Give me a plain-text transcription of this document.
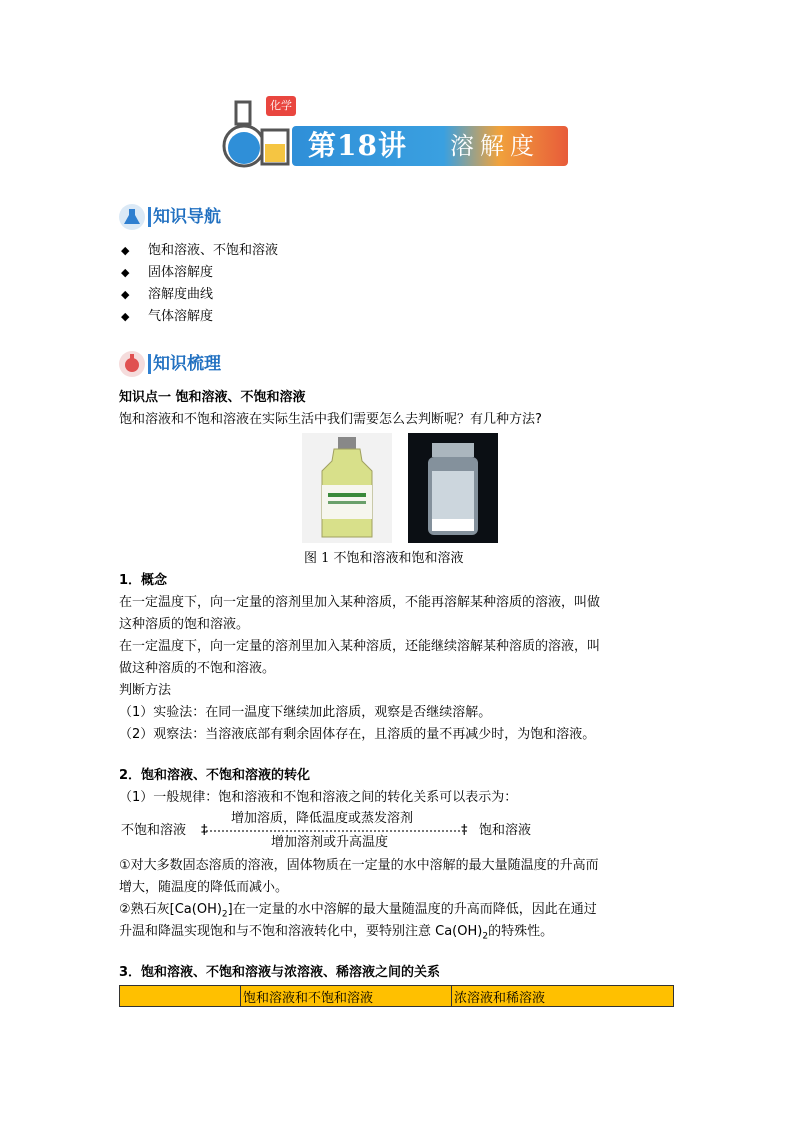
化学
第18讲 溶解度
知识导航
◆ 饱和溶液、不饱和溶液
◆ 固体溶解度
◆ 溶解度曲线
◆ 气体溶解度
知识梳理
知识点一 饱和溶液、不饱和溶液
饱和溶液和不饱和溶液在实际生活中我们需要怎么去判断呢？有几种方法?
图 1 不饱和溶液和饱和溶液
1．概念
在一定温度下，向一定量的溶剂里加入某种溶质，不能再溶解某种溶质的溶液，叫做
这种溶质的饱和溶液。
在一定温度下，向一定量的溶剂里加入某种溶质，还能继续溶解某种溶质的溶液，叫
做这种溶质的不饱和溶液。
判断方法
（1）实验法：在同一温度下继续加此溶质，观察是否继续溶解。
（2）观察法：当溶液底部有剩余固体存在，且溶质的量不再减少时，为饱和溶液。
2．饱和溶液、不饱和溶液的转化
（1）一般规律：饱和溶液和不饱和溶液之间的转化关系可以表示为：
增加溶质，降低温度或蒸发溶剂
不饱和溶液 ‡	† 饱和溶液
增加溶剂或升高温度
①对大多数固态溶质的溶液，固体物质在一定量的水中溶解的最大量随温度的升高而
增大，随温度的降低而减小。
②熟石灰$[Ca(OH)_2]$在一定量的水中溶解的最大量随温度的升高而降低，因此在通过
升温和降温实现饱和与不饱和溶液转化中，要特别注意 $Ca(OH)_2$的特殊性。
3．饱和溶液、不饱和溶液与浓溶液、稀溶液之间的关系
	饱和溶液和不饱和溶液	浓溶液和稀溶液
